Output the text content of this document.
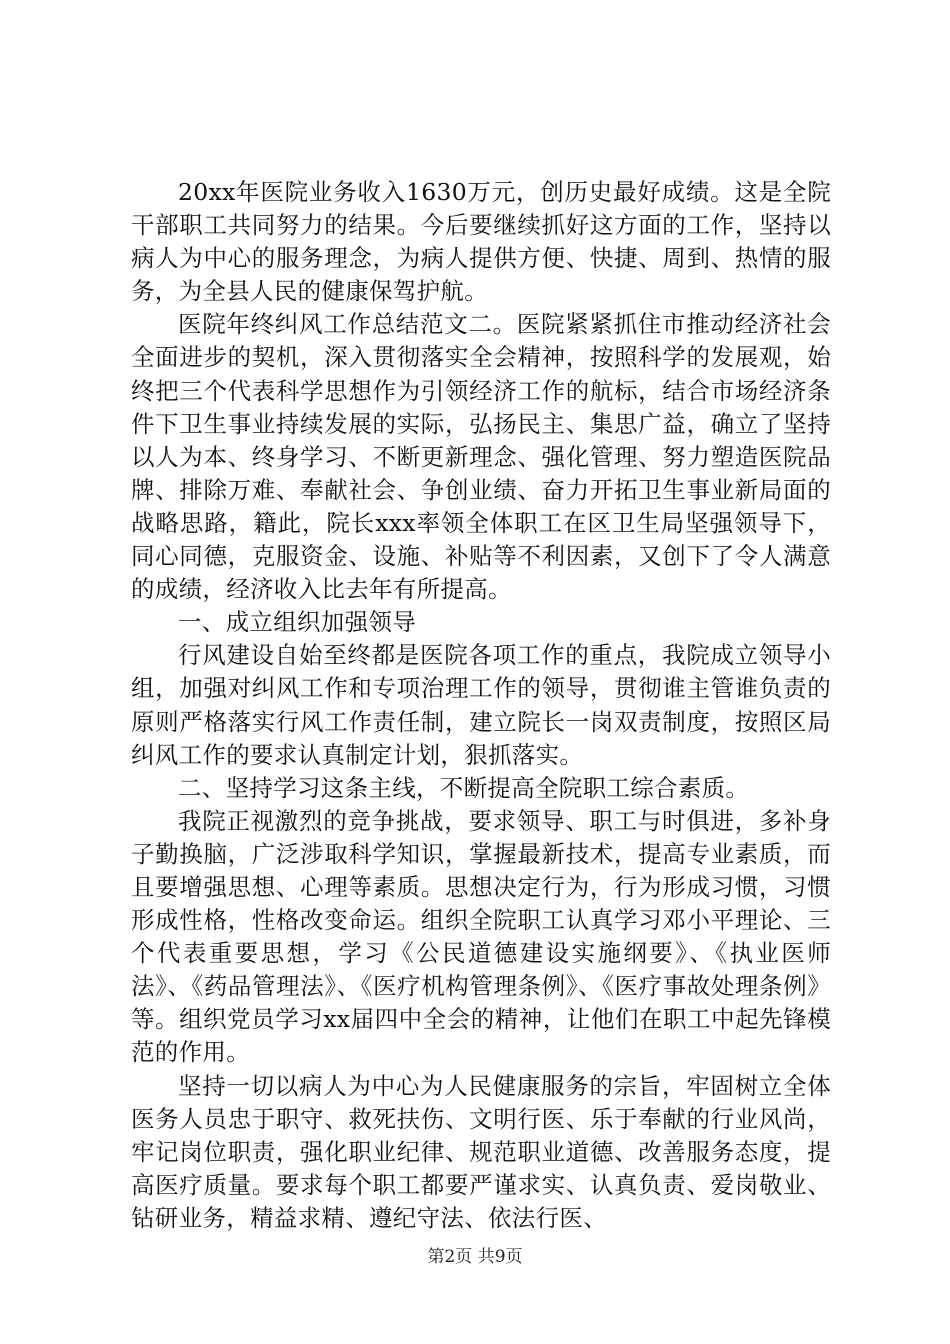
20xx年医院业务收入1630万元，创历史最好成绩。这是全院干部职工共同努力的结果。今后要继续抓好这方面的工作，坚持以病人为中心的服务理念，为病人提供方便、快捷、周到、热情的服务，为全县人民的健康保驾护航。

医院年终纠风工作总结范文二。医院紧紧抓住市推动经济社会全面进步的契机，深入贯彻落实全会精神，按照科学的发展观，始终把三个代表科学思想作为引领经济工作的航标，结合市场经济条件下卫生事业持续发展的实际，弘扬民主、集思广益，确立了坚持以人为本、终身学习、不断更新理念、强化管理、努力塑造医院品牌、排除万难、奉献社会、争创业绩、奋力开拓卫生事业新局面的战略思路，籍此，院长xxx率领全体职工在区卫生局坚强领导下，同心同德，克服资金、设施、补贴等不利因素，又创下了令人满意的成绩，经济收入比去年有所提高。

一、成立组织加强领导

行风建设自始至终都是医院各项工作的重点，我院成立领导小组，加强对纠风工作和专项治理工作的领导，贯彻谁主管谁负责的原则严格落实行风工作责任制，建立院长一岗双责制度，按照区局纠风工作的要求认真制定计划，狠抓落实。

二、坚持学习这条主线，不断提高全院职工综合素质。

我院正视激烈的竞争挑战，要求领导、职工与时俱进，多补身子勤换脑，广泛涉取科学知识，掌握最新技术，提高专业素质，而且要增强思想、心理等素质。思想决定行为，行为形成习惯，习惯形成性格，性格改变命运。组织全院职工认真学习邓小平理论、三个代表重要思想，学习《公民道德建设实施纲要》、《执业医师法》、《药品管理法》、《医疗机构管理条例》、《医疗事故处理条例》等。组织党员学习xx届四中全会的精神，让他们在职工中起先锋模范的作用。

坚持一切以病人为中心为人民健康服务的宗旨，牢固树立全体医务人员忠于职守、救死扶伤、文明行医、乐于奉献的行业风尚，牢记岗位职责，强化职业纪律、规范职业道德、改善服务态度，提高医疗质量。要求每个职工都要严谨求实、认真负责、爱岗敬业、钻研业务，精益求精、遵纪守法、依法行医、

第2页 共9页
